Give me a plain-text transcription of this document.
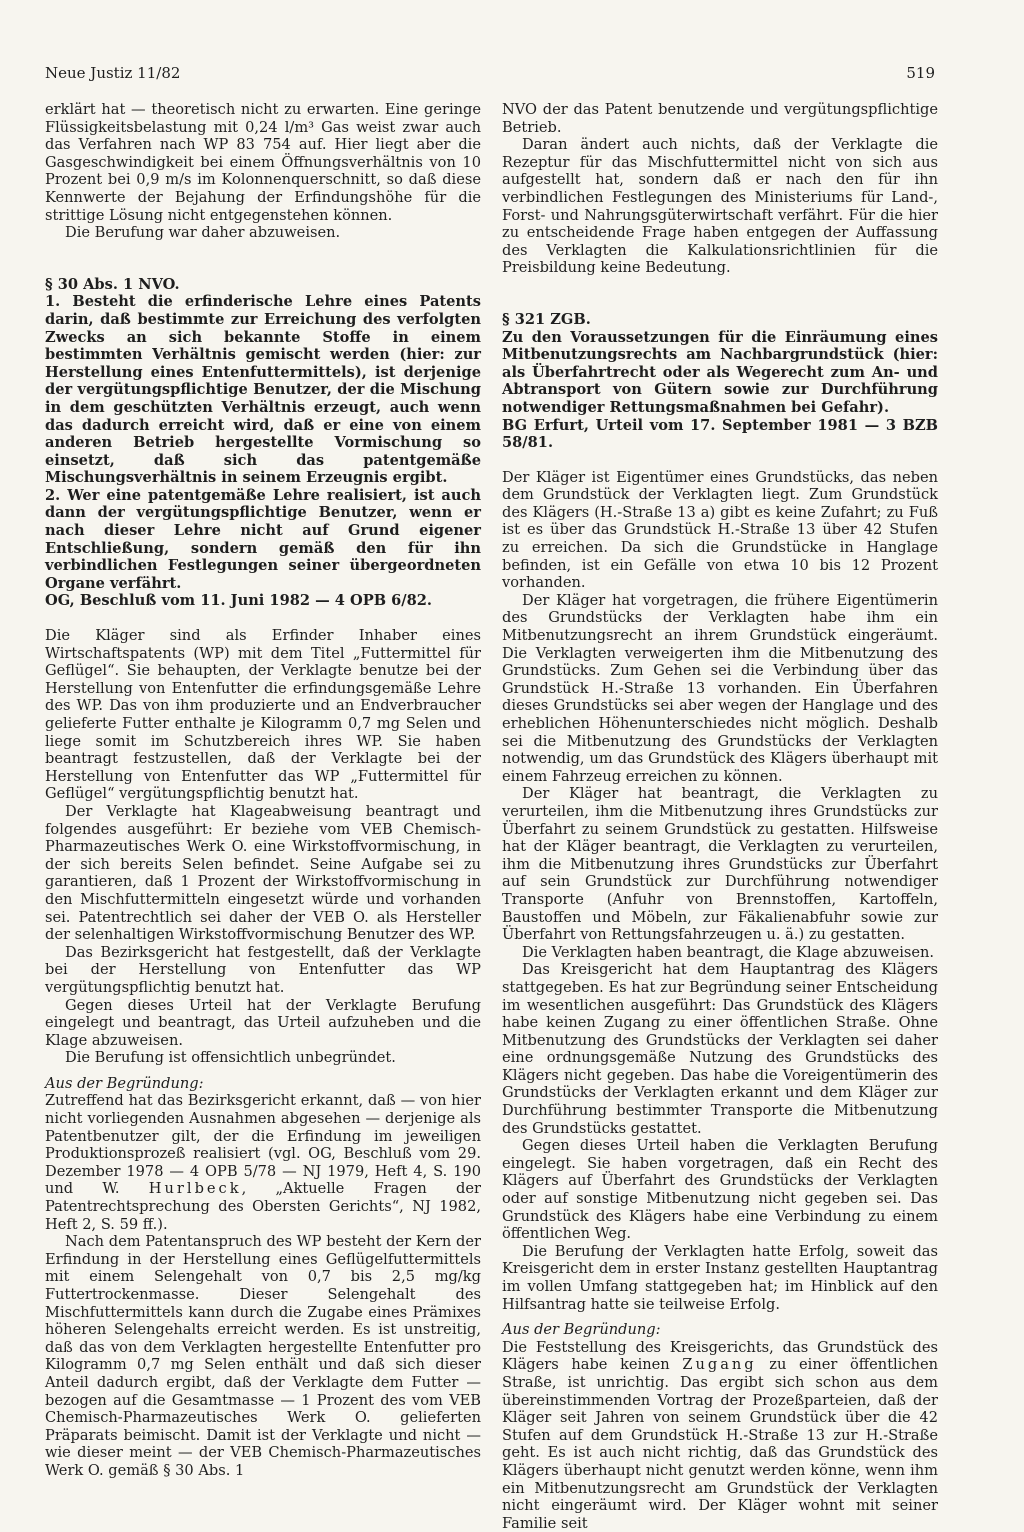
Neue Justiz 11/82	519

erklärt hat — theoretisch nicht zu erwarten. Eine geringe Flüssigkeitsbelastung mit 0,24 l/m³ Gas weist zwar auch das Verfahren nach WP 83 754 auf. Hier liegt aber die Gasgeschwindigkeit bei einem Öffnungsverhältnis von 10 Prozent bei 0,9 m/s im Kolonnenquerschnitt, so daß diese Kennwerte der Bejahung der Erfindungshöhe für die strittige Lösung nicht entgegenstehen können.

Die Berufung war daher abzuweisen.

§ 30 Abs. 1 NVO.

1. Besteht die erfinderische Lehre eines Patents darin, daß bestimmte zur Erreichung des verfolgten Zwecks an sich bekannte Stoffe in einem bestimmten Verhältnis gemischt werden (hier: zur Herstellung eines Entenfuttermittels), ist derjenige der vergütungspflichtige Benutzer, der die Mischung in dem geschützten Verhältnis erzeugt, auch wenn das dadurch erreicht wird, daß er eine von einem anderen Betrieb hergestellte Vormischung so einsetzt, daß sich das patentgemäße Mischungsverhältnis in seinem Erzeugnis ergibt.

2. Wer eine patentgemäße Lehre realisiert, ist auch dann der vergütungspflichtige Benutzer, wenn er nach dieser Lehre nicht auf Grund eigener Entschließung, sondern gemäß den für ihn verbindlichen Festlegungen seiner übergeordneten Organe verfährt.

OG, Beschluß vom 11. Juni 1982 — 4 OPB 6/82.

Die Kläger sind als Erfinder Inhaber eines Wirtschaftspatents (WP) mit dem Titel „Futtermittel für Geflügel“. Sie behaupten, der Verklagte benutze bei der Herstellung von Entenfutter die erfindungsgemäße Lehre des WP. Das von ihm produzierte und an Endverbraucher gelieferte Futter enthalte je Kilogramm 0,7 mg Selen und liege somit im Schutzbereich ihres WP. Sie haben beantragt festzustellen, daß der Verklagte bei der Herstellung von Entenfutter das WP „Futtermittel für Geflügel“ vergütungspflichtig benutzt hat.

Der Verklagte hat Klageabweisung beantragt und folgendes ausgeführt: Er beziehe vom VEB Chemisch-Pharmazeutisches Werk O. eine Wirkstoffvormischung, in der sich bereits Selen befindet. Seine Aufgabe sei zu garantieren, daß 1 Prozent der Wirkstoffvormischung in den Mischfuttermitteln eingesetzt würde und vorhanden sei. Patentrechtlich sei daher der VEB O. als Hersteller der selenhaltigen Wirkstoffvormischung Benutzer des WP.

Das Bezirksgericht hat festgestellt, daß der Verklagte bei der Herstellung von Entenfutter das WP vergütungspflichtig benutzt hat.

Gegen dieses Urteil hat der Verklagte Berufung eingelegt und beantragt, das Urteil aufzuheben und die Klage abzuweisen.

Die Berufung ist offensichtlich unbegründet.

Aus der Begründung:

Zutreffend hat das Bezirksgericht erkannt, daß — von hier nicht vorliegenden Ausnahmen abgesehen — derjenige als Patentbenutzer gilt, der die Erfindung im jeweiligen Produktionsprozeß realisiert (vgl. OG, Beschluß vom 29. Dezember 1978 — 4 OPB 5/78 — NJ 1979, Heft 4, S. 190 und W. Hurlbeck, „Aktuelle Fragen der Patentrechtsprechung des Obersten Gerichts“, NJ 1982, Heft 2, S. 59 ff.).

Nach dem Patentanspruch des WP besteht der Kern der Erfindung in der Herstellung eines Geflügelfuttermittels mit einem Selengehalt von 0,7 bis 2,5 mg/kg Futtertrockenmasse. Dieser Selengehalt des Mischfuttermittels kann durch die Zugabe eines Prämixes höheren Selengehalts erreicht werden. Es ist unstreitig, daß das von dem Verklagten hergestellte Entenfutter pro Kilogramm 0,7 mg Selen enthält und daß sich dieser Anteil dadurch ergibt, daß der Verklagte dem Futter — bezogen auf die Gesamtmasse — 1 Prozent des vom VEB Chemisch-Pharmazeutisches Werk O. gelieferten Präparats beimischt. Damit ist der Verklagte und nicht — wie dieser meint — der VEB Chemisch-Pharmazeutisches Werk O. gemäß § 30 Abs. 1

NVO der das Patent benutzende und vergütungspflichtige Betrieb.

Daran ändert auch nichts, daß der Verklagte die Rezeptur für das Mischfuttermittel nicht von sich aus aufgestellt hat, sondern daß er nach den für ihn verbindlichen Festlegungen des Ministeriums für Land-, Forst- und Nahrungsgüterwirtschaft verfährt. Für die hier zu entscheidende Frage haben entgegen der Auffassung des Verklagten die Kalkulationsrichtlinien für die Preisbildung keine Bedeutung.

§ 321 ZGB.

Zu den Voraussetzungen für die Einräumung eines Mitbenutzungsrechts am Nachbargrundstück (hier: als Überfahrtrecht oder als Wegerecht zum An- und Abtransport von Gütern sowie zur Durchführung notwendiger Rettungsmaßnahmen bei Gefahr).

BG Erfurt, Urteil vom 17. September 1981 — 3 BZB 58/81.

Der Kläger ist Eigentümer eines Grundstücks, das neben dem Grundstück der Verklagten liegt. Zum Grundstück des Klägers (H.-Straße 13 a) gibt es keine Zufahrt; zu Fuß ist es über das Grundstück H.-Straße 13 über 42 Stufen zu erreichen. Da sich die Grundstücke in Hanglage befinden, ist ein Gefälle von etwa 10 bis 12 Prozent vorhanden.

Der Kläger hat vorgetragen, die frühere Eigentümerin des Grundstücks der Verklagten habe ihm ein Mitbenutzungsrecht an ihrem Grundstück eingeräumt. Die Verklagten verweigerten ihm die Mitbenutzung des Grundstücks. Zum Gehen sei die Verbindung über das Grundstück H.-Straße 13 vorhanden. Ein Überfahren dieses Grundstücks sei aber wegen der Hanglage und des erheblichen Höhenunterschiedes nicht möglich. Deshalb sei die Mitbenutzung des Grundstücks der Verklagten notwendig, um das Grundstück des Klägers überhaupt mit einem Fahrzeug erreichen zu können.

Der Kläger hat beantragt, die Verklagten zu verurteilen, ihm die Mitbenutzung ihres Grundstücks zur Überfahrt zu seinem Grundstück zu gestatten. Hilfsweise hat der Kläger beantragt, die Verklagten zu verurteilen, ihm die Mitbenutzung ihres Grundstücks zur Überfahrt auf sein Grundstück zur Durchführung notwendiger Transporte (Anfuhr von Brennstoffen, Kartoffeln, Baustoffen und Möbeln, zur Fäkalienabfuhr sowie zur Überfahrt von Rettungsfahrzeugen u. ä.) zu gestatten.

Die Verklagten haben beantragt, die Klage abzuweisen.

Das Kreisgericht hat dem Hauptantrag des Klägers stattgegeben. Es hat zur Begründung seiner Entscheidung im wesentlichen ausgeführt: Das Grundstück des Klägers habe keinen Zugang zu einer öffentlichen Straße. Ohne Mitbenutzung des Grundstücks der Verklagten sei daher eine ordnungsgemäße Nutzung des Grundstücks des Klägers nicht gegeben. Das habe die Voreigentümerin des Grundstücks der Verklagten erkannt und dem Kläger zur Durchführung bestimmter Transporte die Mitbenutzung des Grundstücks gestattet.

Gegen dieses Urteil haben die Verklagten Berufung eingelegt. Sie haben vorgetragen, daß ein Recht des Klägers auf Überfahrt des Grundstücks der Verklagten oder auf sonstige Mitbenutzung nicht gegeben sei. Das Grundstück des Klägers habe eine Verbindung zu einem öffentlichen Weg.

Die Berufung der Verklagten hatte Erfolg, soweit das Kreisgericht dem in erster Instanz gestellten Hauptantrag im vollen Umfang stattgegeben hat; im Hinblick auf den Hilfsantrag hatte sie teilweise Erfolg.

Aus der Begründung:

Die Feststellung des Kreisgerichts, das Grundstück des Klägers habe keinen Zugang zu einer öffentlichen Straße, ist unrichtig. Das ergibt sich schon aus dem übereinstimmenden Vortrag der Prozeßparteien, daß der Kläger seit Jahren von seinem Grundstück über die 42 Stufen auf dem Grundstück H.-Straße 13 zur H.-Straße geht. Es ist auch nicht richtig, daß das Grundstück des Klägers überhaupt nicht genutzt werden könne, wenn ihm ein Mitbenutzungsrecht am Grundstück der Verklagten nicht eingeräumt wird. Der Kläger wohnt mit seiner Familie seit
